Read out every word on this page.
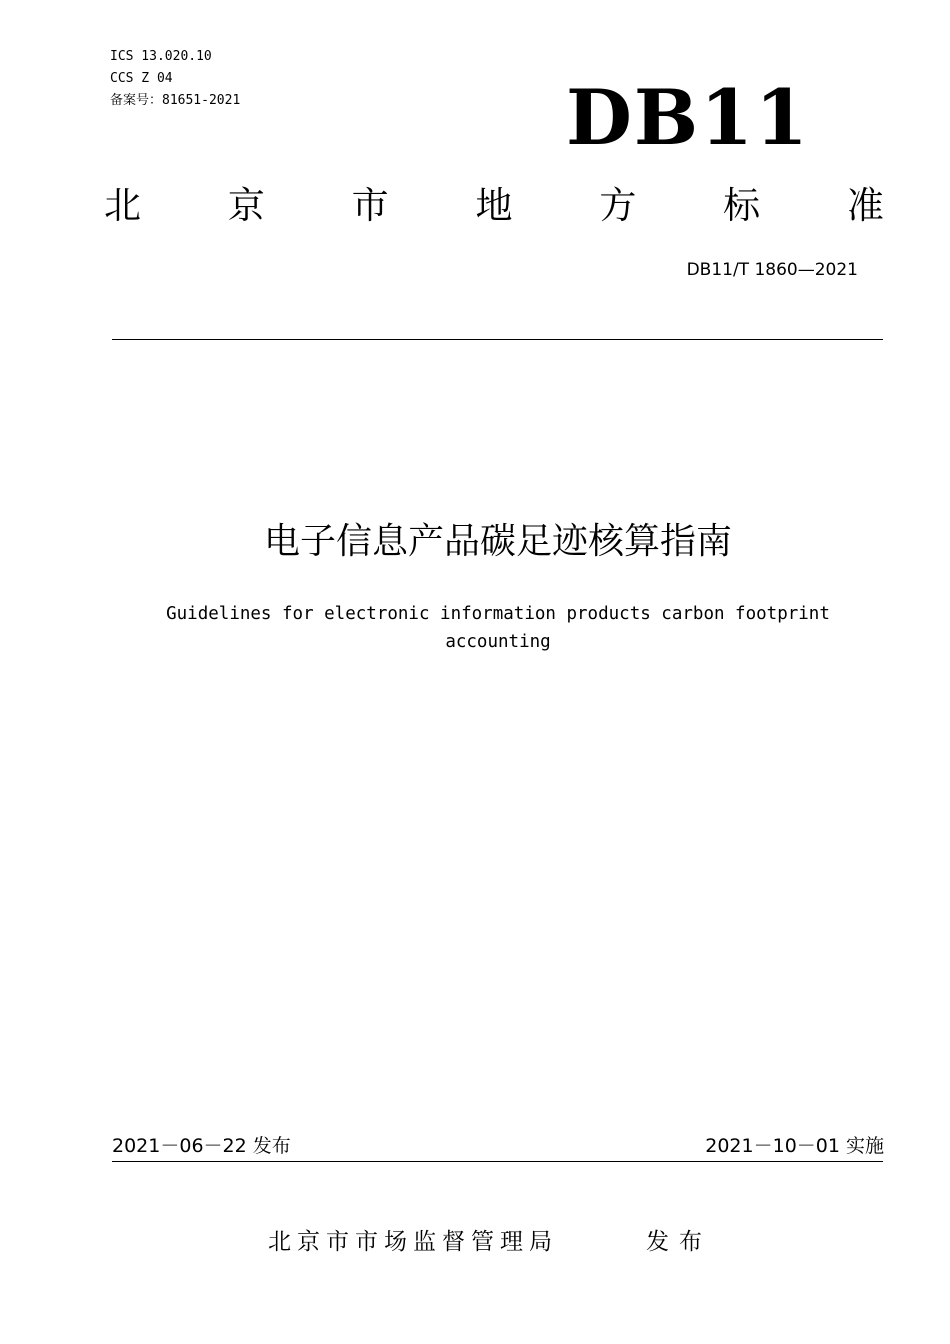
ICS 13.020.10
CCS Z 04
备案号：81651-2021	DB11
北 京 市 地 方 标 准
DB11/T 1860—2021
电子信息产品碳足迹核算指南
Guidelines for electronic information products carbon footprint
accounting
2021－06－22 发布	2021－10－01 实施
北京市市场监督管理局	发布
